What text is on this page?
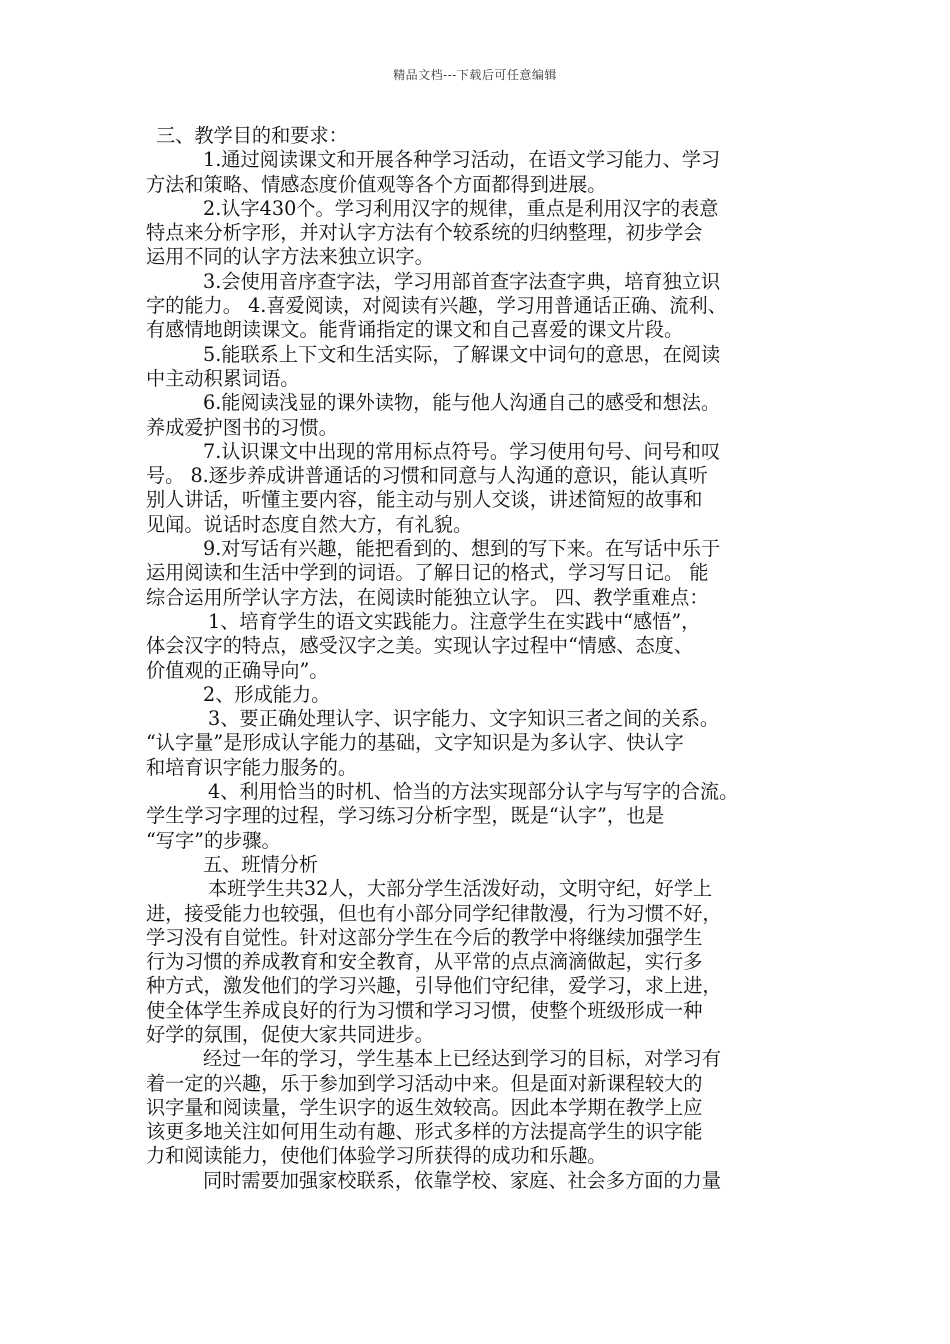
精品文档---下载后可任意编辑
三、教学目的和要求：
1.通过阅读课文和开展各种学习活动，在语文学习能力、学习
方法和策略、情感态度价值观等各个方面都得到进展。
2.认字430个。学习利用汉字的规律，重点是利用汉字的表意
特点来分析字形，并对认字方法有个较系统的归纳整理，初步学会
运用不同的认字方法来独立识字。
3.会使用音序查字法，学习用部首查字法查字典，培育独立识
字的能力。 4.喜爱阅读，对阅读有兴趣，学习用普通话正确、流利、
有感情地朗读课文。能背诵指定的课文和自己喜爱的课文片段。
5.能联系上下文和生活实际，了解课文中词句的意思，在阅读
中主动积累词语。
6.能阅读浅显的课外读物，能与他人沟通自己的感受和想法。
养成爱护图书的习惯。
7.认识课文中出现的常用标点符号。学习使用句号、问号和叹
号。 8.逐步养成讲普通话的习惯和同意与人沟通的意识，能认真听
别人讲话，听懂主要内容，能主动与别人交谈，讲述简短的故事和
见闻。说话时态度自然大方，有礼貌。
9.对写话有兴趣，能把看到的、想到的写下来。在写话中乐于
运用阅读和生活中学到的词语。了解日记的格式，学习写日记。 能
综合运用所学认字方法，在阅读时能独立认字。 四、教学重难点：
1、培育学生的语文实践能力。注意学生在实践中“感悟”，
体会汉字的特点，感受汉字之美。实现认字过程中“情感、态度、
价值观的正确导向”。
2、形成能力。
3、要正确处理认字、识字能力、文字知识三者之间的关系。
“认字量”是形成认字能力的基础，文字知识是为多认字、快认字
和培育识字能力服务的。
4、利用恰当的时机、恰当的方法实现部分认字与写字的合流。
学生学习字理的过程，学习练习分析字型，既是“认字”，也是
“写字”的步骤。
五、班情分析
本班学生共32人，大部分学生活泼好动，文明守纪，好学上
进，接受能力也较强，但也有小部分同学纪律散漫，行为习惯不好，
学习没有自觉性。针对这部分学生在今后的教学中将继续加强学生
行为习惯的养成教育和安全教育，从平常的点点滴滴做起，实行多
种方式，激发他们的学习兴趣，引导他们守纪律，爱学习，求上进，
使全体学生养成良好的行为习惯和学习习惯，使整个班级形成一种
好学的氛围，促使大家共同进步。
经过一年的学习，学生基本上已经达到学习的目标，对学习有
着一定的兴趣，乐于参加到学习活动中来。但是面对新课程较大的
识字量和阅读量，学生识字的返生效较高。因此本学期在教学上应
该更多地关注如何用生动有趣、形式多样的方法提高学生的识字能
力和阅读能力，使他们体验学习所获得的成功和乐趣。
同时需要加强家校联系，依靠学校、家庭、社会多方面的力量
